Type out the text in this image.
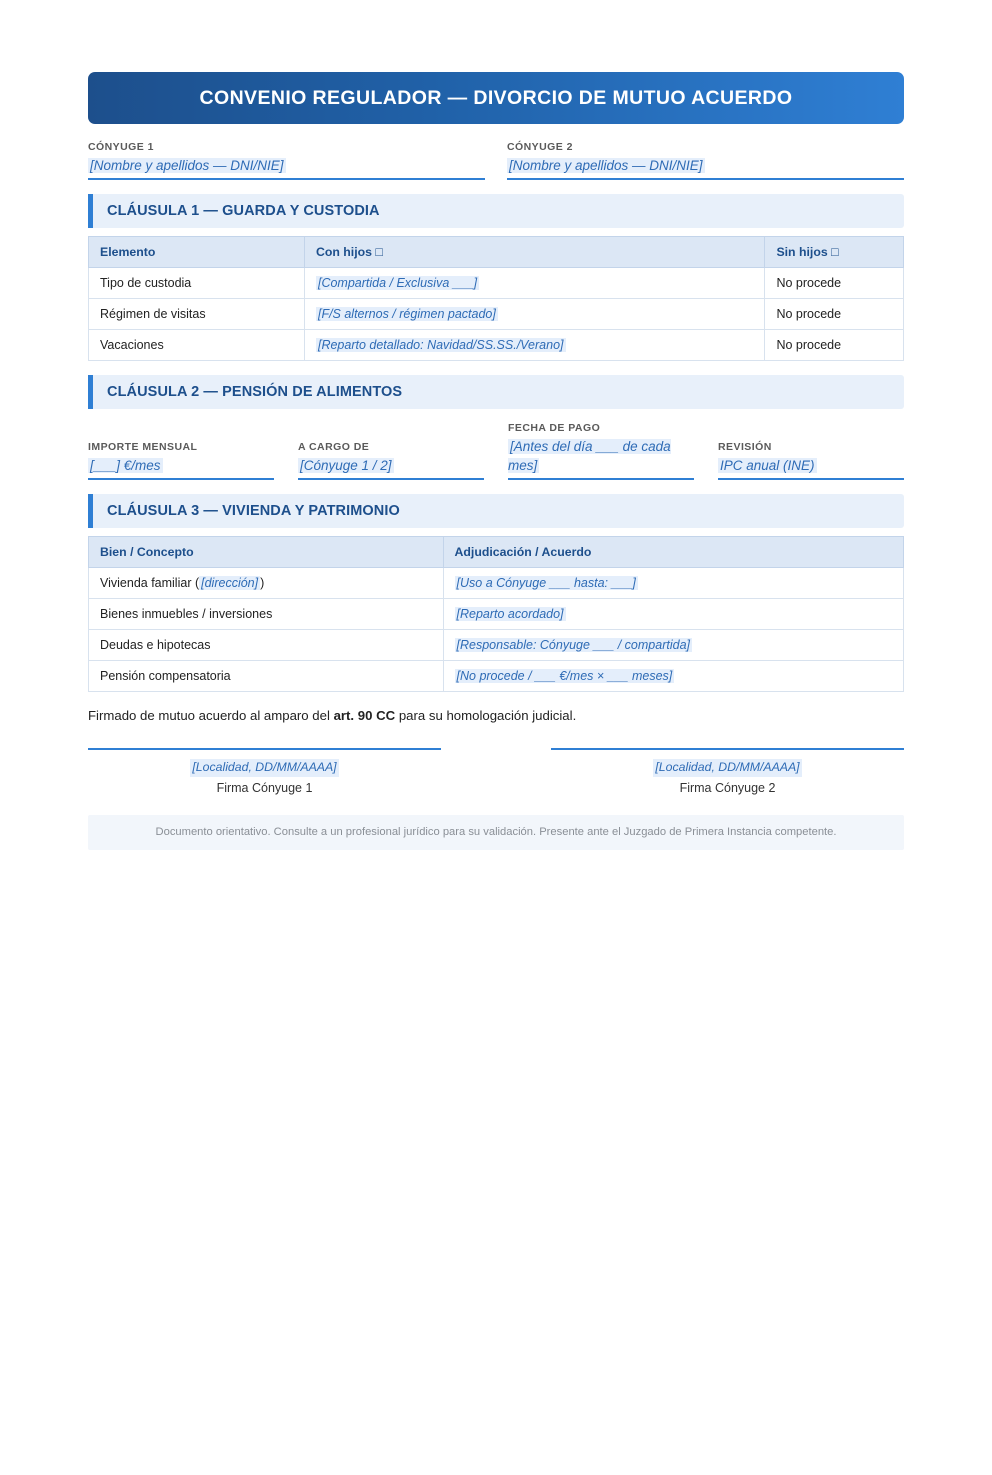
CONVENIO REGULADOR — DIVORCIO DE MUTUO ACUERDO
CÓNYUGE 1
[Nombre y apellidos — DNI/NIE]
CÓNYUGE 2
[Nombre y apellidos — DNI/NIE]
CLÁUSULA 1 — GUARDA Y CUSTODIA
Elemento	Con hijos □	Sin hijos □
Tipo de custodia	[Compartida / Exclusiva ___]	No procede
Régimen de visitas	[F/S alternos / régimen pactado]	No procede
Vacaciones	[Reparto detallado: Navidad/SS.SS./Verano]	No procede
CLÁUSULA 2 — PENSIÓN DE ALIMENTOS
IMPORTE MENSUAL
[___] €/mes
A CARGO DE
[Cónyuge 1 / 2]
FECHA DE PAGO
[Antes del día ___ de cada mes]
REVISIÓN
IPC anual (INE)
CLÁUSULA 3 — VIVIENDA Y PATRIMONIO
Bien / Concepto	Adjudicación / Acuerdo
Vivienda familiar ( [dirección] )	[Uso a Cónyuge ___ hasta: ___]
Bienes inmuebles / inversiones	[Reparto acordado]
Deudas e hipotecas	[Responsable: Cónyuge ___ / compartida]
Pensión compensatoria	[No procede / ___ €/mes × ___ meses]
Firmado de mutuo acuerdo al amparo del art. 90 CC para su homologación judicial.
[Localidad, DD/MM/AAAA]
Firma Cónyuge 1
[Localidad, DD/MM/AAAA]
Firma Cónyuge 2
Documento orientativo. Consulte a un profesional jurídico para su validación. Presente ante el Juzgado de Primera Instancia competente.
